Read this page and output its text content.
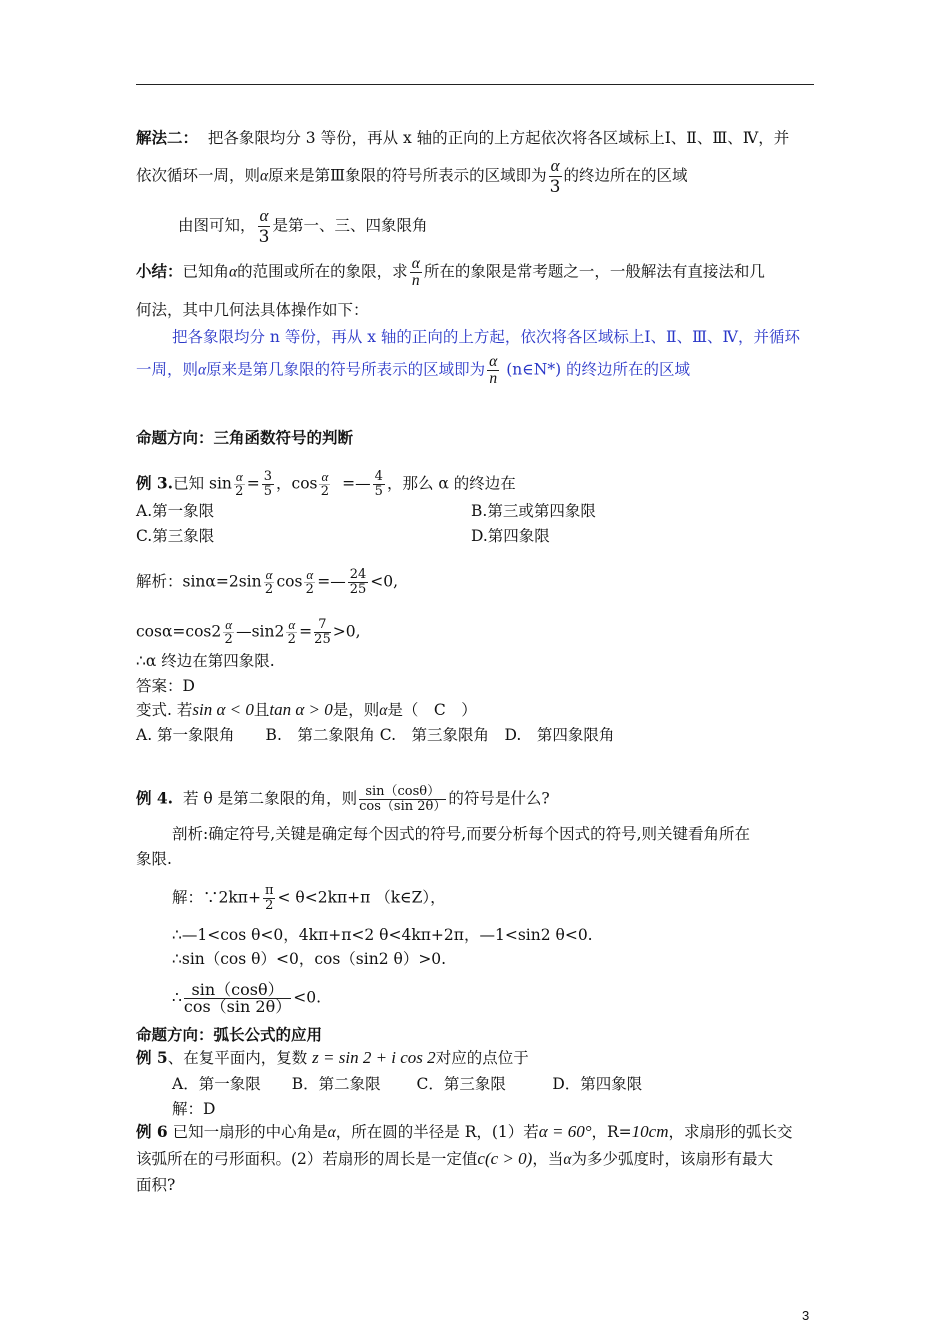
解法二： 把各象限均分 3 等份，再从 x 轴的正向的上方起依次将各区域标上Ⅰ、Ⅱ、Ⅲ、Ⅳ，并
依次循环一周，则α原来是第Ⅲ象限的符号所表示的区域即为 $\frac{\alpha}{3}$ 的终边所在的区域
由图可知， $\frac{\alpha}{3}$ 是第一、三、四象限角
小结：已知角α的范围或所在的象限，求 $\frac{\alpha}{n}$ 所在的象限是常考题之一，一般解法有直接法和几
何法，其中几何法具体操作如下：
把各象限均分 n 等份，再从 x 轴的正向的上方起，依次将各区域标上Ⅰ、Ⅱ、Ⅲ、Ⅳ，并循环
一周，则α原来是第几象限的符号所表示的区域即为 $\frac{\alpha}{n}$ (n∈N*) 的终边所在的区域
命题方向：三角函数符号的判断
例 3.已知 $\sin \frac{\alpha}{2} = \frac{3}{5}$ ，$\cos \frac{\alpha}{2}$ =— $\frac{4}{5}$ ，那么 α 的终边在
A.第一象限	B.第三或第四象限
C.第三象限	D.第四象限
解析：$\sin\alpha=2\sin \frac{\alpha}{2}$ $\cos \frac{\alpha}{2}$ =— $\frac{24}{25} <0$,
$\cos\alpha=\cos 2 \frac{\alpha}{2}$ —sin2 $\frac{\alpha}{2} = \frac{7}{25} >0$,
∴α 终边在第四象限.
答案：D
变式. 若sin α < 0且tan α > 0是，则α是（　C　）
A. 第一象限角　　B.　第二象限角 C.　第三象限角　D.　第四象限角
例 4. 若 θ 是第二象限的角，则 $\frac{\sin(\cos\theta)}{\cos(\sin 2\theta)}$ 的符号是什么?
剖析:确定符号,关键是确定每个因式的符号,而要分析每个因式的符号,则关键看角所在
象限.
解：∵2kπ+ $\frac{\pi}{2} < \theta<2k\pi+\pi$ （k∈Z），
∴—1<cos θ<0，4kπ+π<2 θ<4kπ+2π，—1<sin2 θ<0.
∴sin（cos θ）<0，cos（sin2 θ）>0.
∴ $\frac{\sin(\cos\theta)}{\cos(\sin 2\theta)} <0$.
命题方向：弧长公式的应用
例 5、在复平面内，复数 z = sin 2 + i cos 2对应的点位于
A．第一象限　　B．第二象限　　 C．第三象限　　　D．第四象限
解：D
例 6 已知一扇形的中心角是α，所在圆的半径是 R，(1）若α = 60°，R=10cm，求扇形的弧长交
该弧所在的弓形面积。(2）若扇形的周长是一定值c(c > 0)，当α为多少弧度时，该扇形有最大
面积?
3
